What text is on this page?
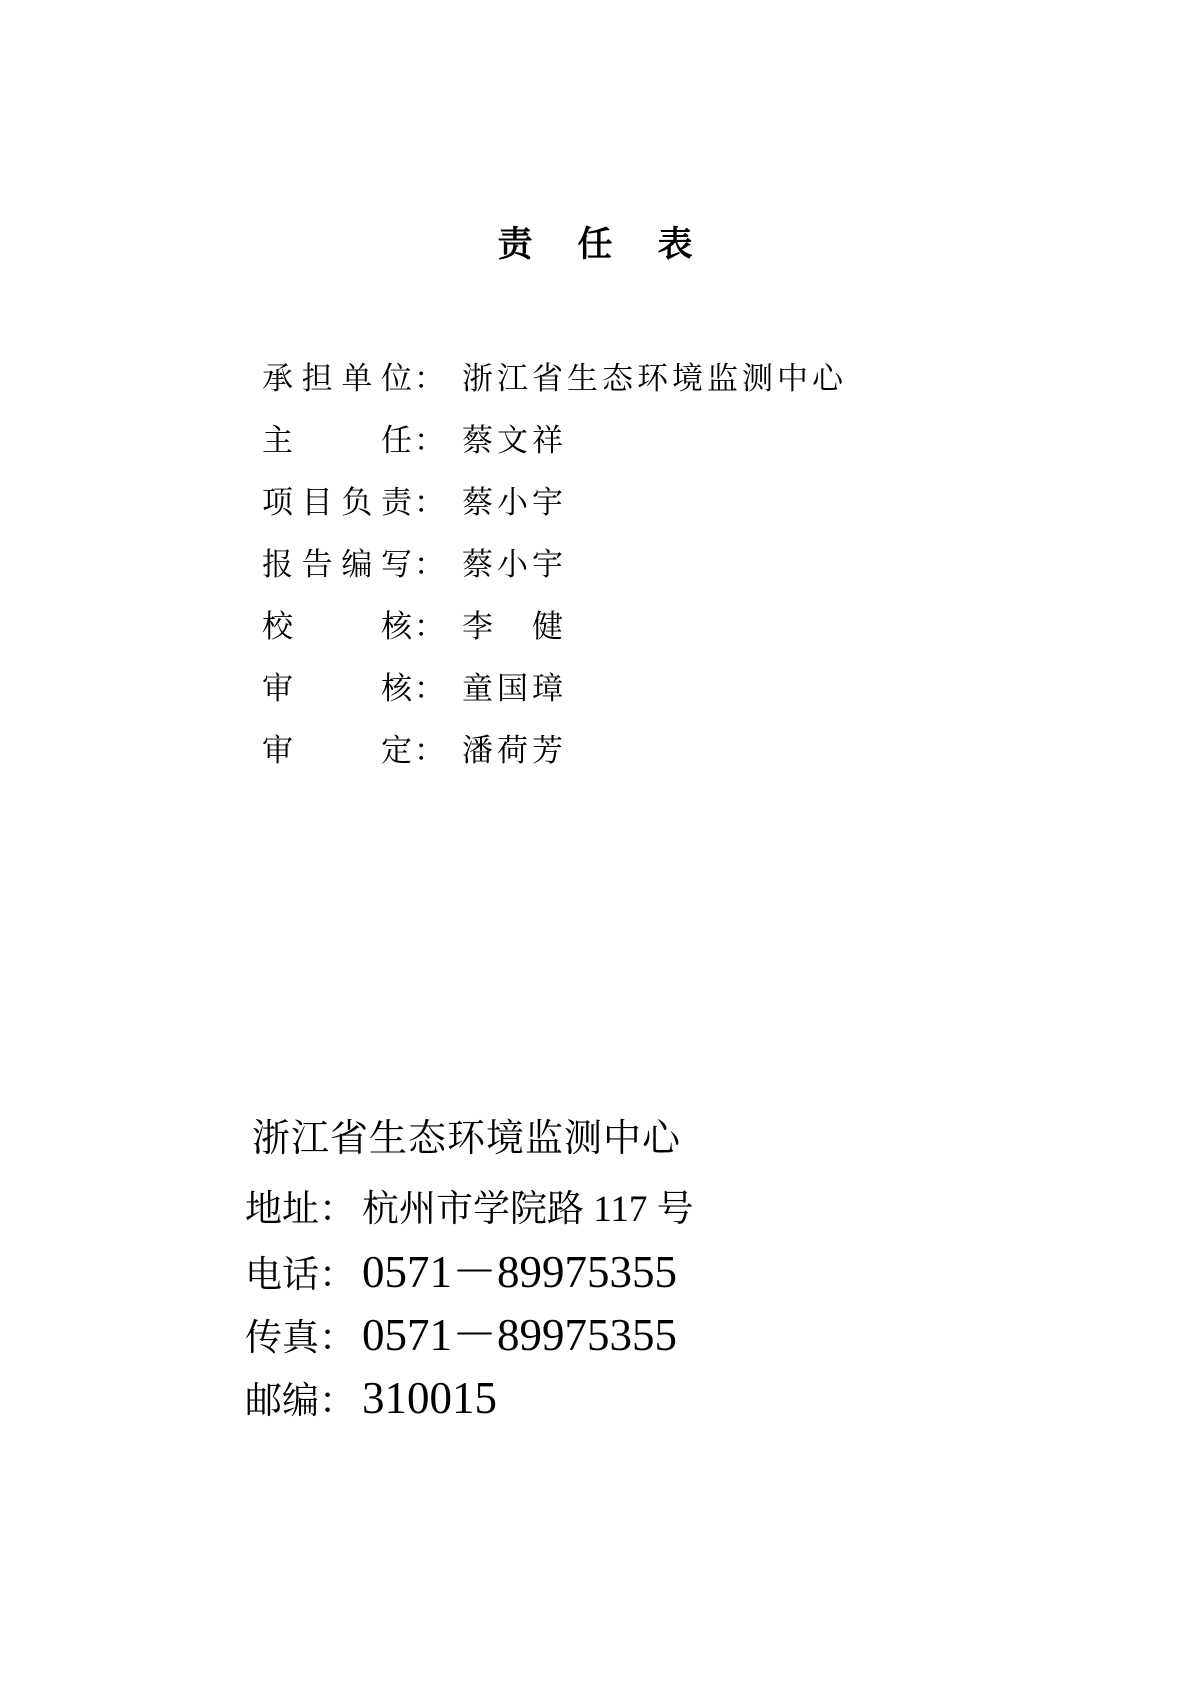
责任表
承担单位： 浙江省生态环境监测中心
主任： 蔡文祥
项目负责： 蔡小宇
报告编写： 蔡小宇
校核： 李　健
审核： 童国璋
审定： 潘荷芳
浙江省生态环境监测中心
地址： 杭州市学院路 117 号
电话： 0571－89975355
传真： 0571－89975355
邮编： 310015
